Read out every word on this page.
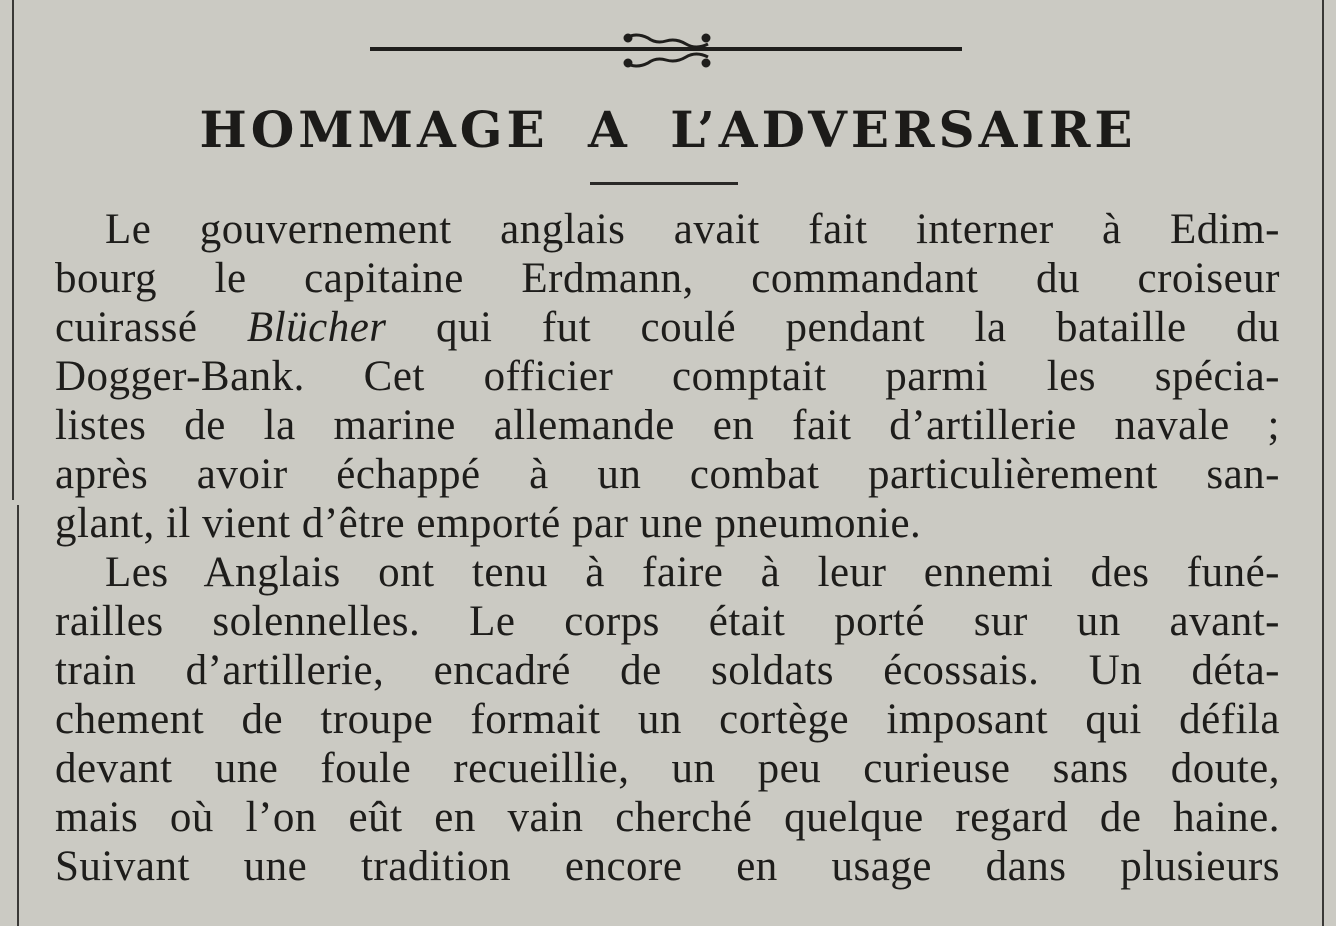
HOMMAGE A L’ADVERSAIRE
Le gouvernement anglais avait fait interner à Edim-
bourg le capitaine Erdmann, commandant du croiseur
cuirassé Blücher qui fut coulé pendant la bataille du
Dogger-Bank. Cet officier comptait parmi les spécia-
listes de la marine allemande en fait d’artillerie navale ;
après avoir échappé à un combat particulièrement san-
glant, il vient d’être emporté par une pneumonie.
Les Anglais ont tenu à faire à leur ennemi des funé-
railles solennelles. Le corps était porté sur un avant-
train d’artillerie, encadré de soldats écossais. Un déta-
chement de troupe formait un cortège imposant qui défila
devant une foule recueillie, un peu curieuse sans doute,
mais où l’on eût en vain cherché quelque regard de haine.
Suivant une tradition encore en usage dans plusieurs
